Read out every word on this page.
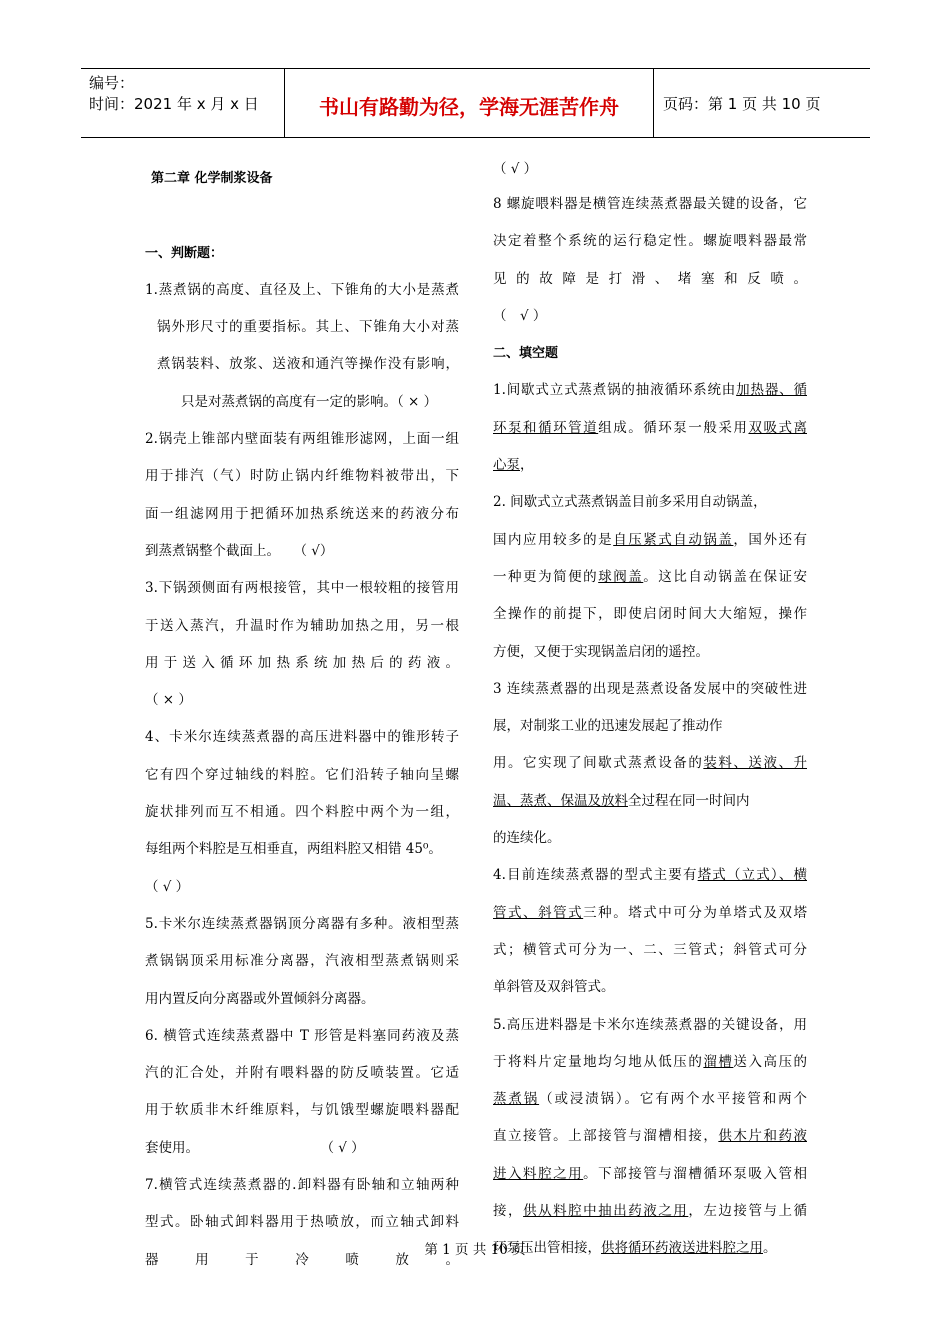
编号：
时间：2021 年 x 月 x 日	书山有路勤为径，学海无涯苦作舟	页码：第 1 页 共 10 页
第二章 化学制浆设备
一、判断题：
1.蒸煮锅的高度、直径及上、下锥角的大小是蒸煮
锅外形尺寸的重要指标。其上、下锥角大小对蒸
煮锅装料、放浆、送液和通汽等操作没有影响，
只是对蒸煮锅的高度有一定的影响。（ × ）
2.锅壳上锥部内壁面装有两组锥形滤网，上面一组
用于排汽（气）时防止锅内纤维物料被带出，下
面一组滤网用于把循环加热系统送来的药液分布
到蒸煮锅整个截面上。　　（ √）
3.下锅颈侧面有两根接管，其中一根较粗的接管用
于送入蒸汽，升温时作为辅助加热之用，另一根
用于送入循环加热系统加热后的药液。
（ × ）
4、卡米尔连续蒸煮器的高压进料器中的锥形转子
它有四个穿过轴线的料腔。它们沿转子轴向呈螺
旋状排列而互不相通。四个料腔中两个为一组，
每组两个料腔是互相垂直，两组料腔又相错 45⁰。
（ √ ）
5.卡米尔连续蒸煮器锅顶分离器有多种。液相型蒸
煮锅锅顶采用标准分离器，汽液相型蒸煮锅则采
用内置反向分离器或外置倾斜分离器。
6. 横管式连续蒸煮器中 T 形管是料塞同药液及蒸
汽的汇合处，并附有喂料器的防反喷装置。它适
用于软质非木纤维原料，与饥饿型螺旋喂料器配
套使用。　　　　　　　　　　（ √ ）
7.横管式连续蒸煮器的.卸料器有卧轴和立轴两种
型式。卧轴式卸料器用于热喷放，而立轴式卸料
器　用　于　冷　喷　放　。
（ √ ）
8 螺旋喂料器是横管连续蒸煮器最关键的设备，它
决定着整个系统的运行稳定性。螺旋喂料器最常
见的故障是打滑、堵塞和反喷。
（　√ ）
二、填空题
1.间歇式立式蒸煮锅的抽液循环系统由加热器、循
环泵和循环管道组成。循环泵一般采用双吸式离
心泵，
2. 间歇式立式蒸煮锅盖目前多采用自动锅盖，
国内应用较多的是自压紧式自动锅盖，国外还有
一种更为简便的球阀盖。这比自动锅盖在保证安
全操作的前提下，即使启闭时间大大缩短，操作
方便，又便于实现锅盖启闭的遥控。
3 连续蒸煮器的出现是蒸煮设备发展中的突破性进
展，对制浆工业的迅速发展起了推动作
用。它实现了间歇式蒸煮设备的装料、送液、升
温、蒸煮、保温及放料全过程在同一时间内
的连续化。
4.目前连续蒸煮器的型式主要有塔式（立式）、横
管式、斜管式三种。塔式中可分为单塔式及双塔
式；横管式可分为一、二、三管式；斜管式可分
单斜管及双斜管式。
5.高压进料器是卡米尔连续蒸煮器的关键设备，用
于将料片定量地均匀地从低压的溜槽送入高压的
蒸煮锅（或浸渍锅）。它有两个水平接管和两个
直立接管。上部接管与溜槽相接，供木片和药液
进入料腔之用。下部接管与溜槽循环泵吸入管相
接，供从料腔中抽出药液之用，左边接管与上循
环泵压出管相接，供将循环药液送进料腔之用。
第 1 页 共 10 页
